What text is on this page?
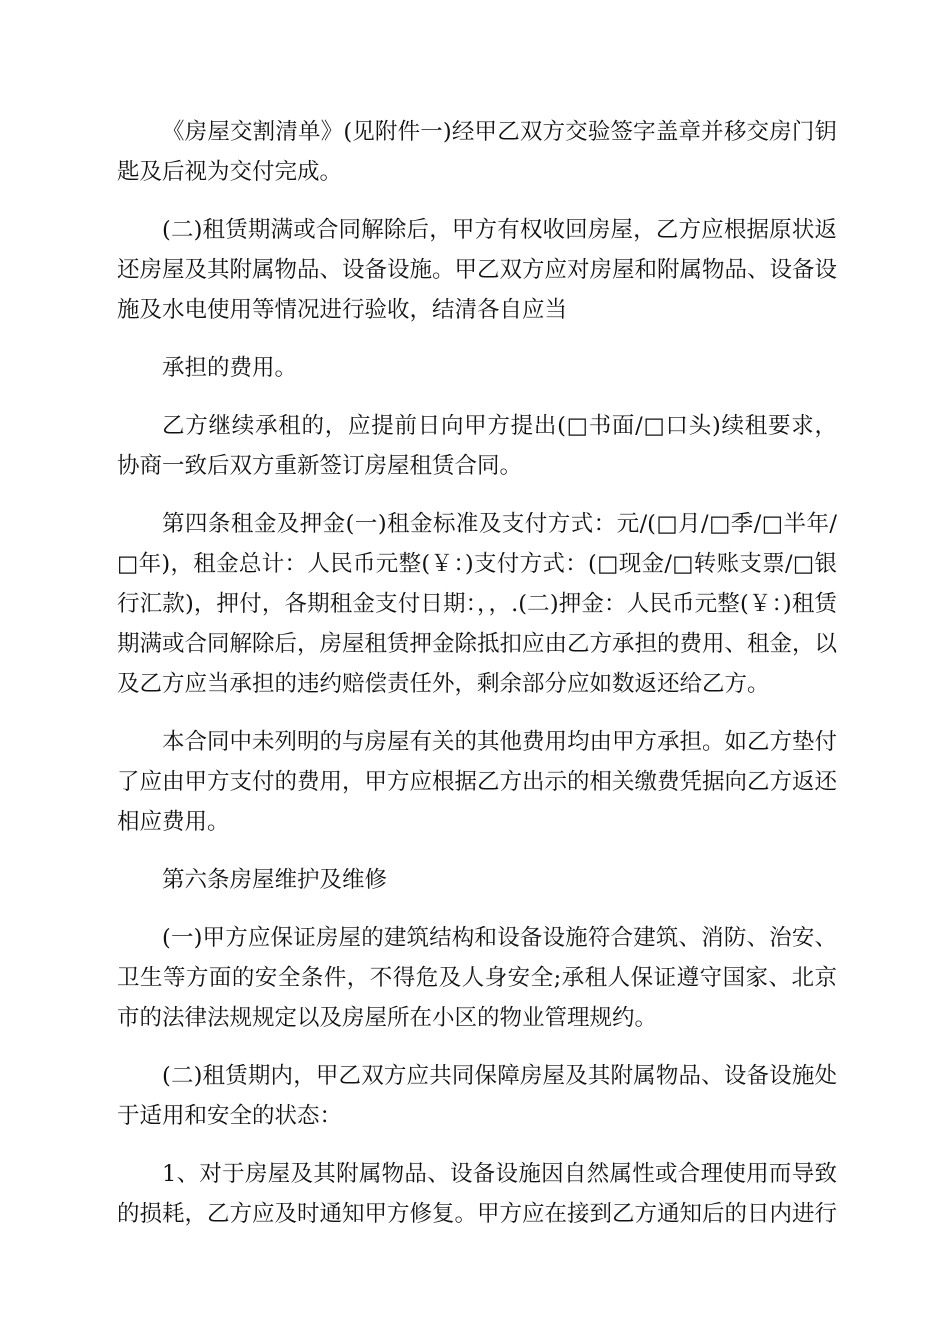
《房屋交割清单》(见附件一)经甲乙双方交验签字盖章并移交房门钥匙及后视为交付完成。

(二)租赁期满或合同解除后，甲方有权收回房屋，乙方应根据原状返还房屋及其附属物品、设备设施。甲乙双方应对房屋和附属物品、设备设施及水电使用等情况进行验收，结清各自应当

承担的费用。

乙方继续承租的，应提前日向甲方提出(□书面/□口头)续租要求，协商一致后双方重新签订房屋租赁合同。

第四条租金及押金(一)租金标准及支付方式：元/(□月/□季/□半年/□年)，租金总计：人民币元整(￥：)支付方式：(□现金/□转账支票/□银行汇款)，押付，各期租金支付日期：，，.(二)押金：人民币元整(￥：)租赁期满或合同解除后，房屋租赁押金除抵扣应由乙方承担的费用、租金，以及乙方应当承担的违约赔偿责任外，剩余部分应如数返还给乙方。

本合同中未列明的与房屋有关的其他费用均由甲方承担。如乙方垫付了应由甲方支付的费用，甲方应根据乙方出示的相关缴费凭据向乙方返还相应费用。

第六条房屋维护及维修

(一)甲方应保证房屋的建筑结构和设备设施符合建筑、消防、治安、卫生等方面的安全条件，不得危及人身安全;承租人保证遵守国家、北京市的法律法规规定以及房屋所在小区的物业管理规约。

(二)租赁期内，甲乙双方应共同保障房屋及其附属物品、设备设施处于适用和安全的状态：

1、对于房屋及其附属物品、设备设施因自然属性或合理使用而导致的损耗，乙方应及时通知甲方修复。甲方应在接到乙方通知后的日内进行
